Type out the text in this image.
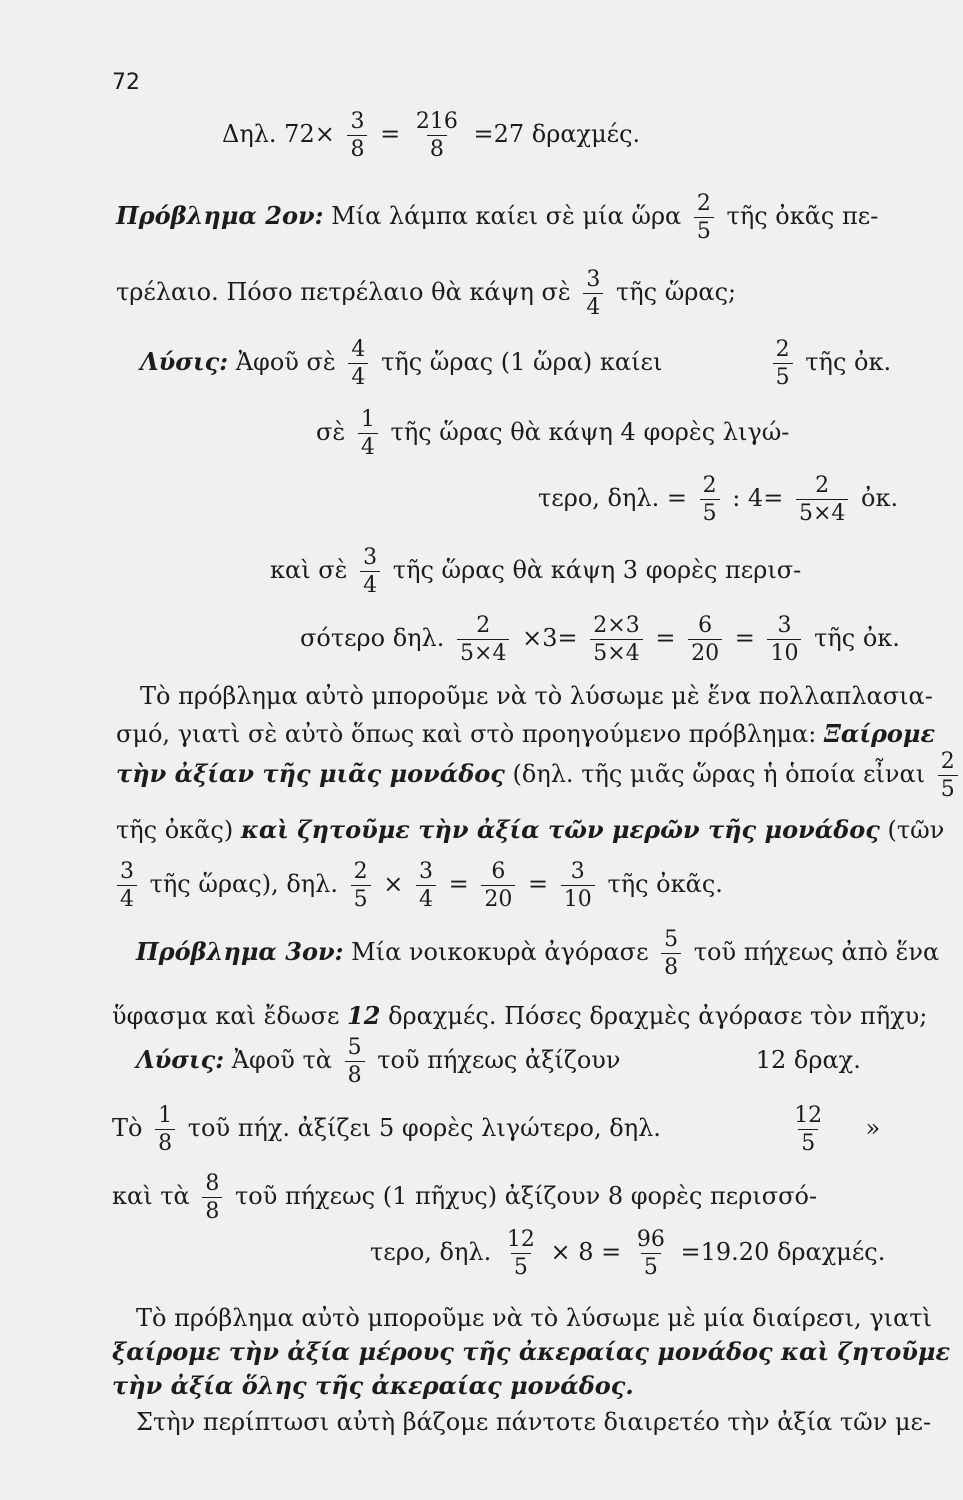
72
Δηλ. $72\times \frac{3}{8} = \frac{216}{8} =27$ δραχμές.
Πρόβλημα 2ον: Μία λάμπα καίει σὲ μία ὥρα $\frac{2}{5}$ τῆς ὀκᾶς πε-
τρέλαιο. Πόσο πετρέλαιο θὰ κάψη σὲ $\frac{3}{4}$ τῆς ὥρας;
Λύσις: Ἀφοῦ σὲ $\frac{4}{4}$ τῆς ὥρας (1 ὥρα) καίει	$\frac{2}{5}$ τῆς ὀκ.
σὲ $\frac{1}{4}$ τῆς ὥρας θὰ κάψη 4 φορὲς λιγώ-
τερο, δηλ. = $\frac{2}{5}$ : $4= \frac{2}{5\times 4}$ ὀκ.
καὶ σὲ $\frac{3}{4}$ τῆς ὥρας θὰ κάψη 3 φορὲς περισ-
σότερο δηλ. $\frac{2}{5\times 4} \times 3= \frac{2\times 3}{5\times 4} = \frac{6}{20} = \frac{3}{10}$ τῆς ὀκ.
Τὸ πρόβλημα αὐτὸ μποροῦμε νὰ τὸ λύσωμε μὲ ἕνα πολλαπλασια-
σμό, γιατὶ σὲ αὐτὸ ὅπως καὶ στὸ προηγούμενο πρόβλημα: Ξαίρομε
τὴν ἀξίαν τῆς μιᾶς μονάδος (δηλ. τῆς μιᾶς ὥρας ἡ ὁποία εἶναι $\frac{2}{5}$
τῆς ὀκᾶς) καὶ ζητοῦμε τὴν ἀξία τῶν μερῶν τῆς μονάδος (τῶν
$\frac{3}{4}$ τῆς ὥρας), δηλ. $\frac{2}{5} \times \frac{3}{4} = \frac{6}{20} = \frac{3}{10}$ τῆς ὀκᾶς.
Πρόβλημα 3ον: Μία νοικοκυρὰ ἀγόρασε $\frac{5}{8}$ τοῦ πήχεως ἀπὸ ἕνα
ὕφασμα καὶ ἔδωσε 12 δραχμές. Πόσες δραχμὲς ἀγόρασε τὸν πῆχυ;
Λύσις: Ἀφοῦ τὰ $\frac{5}{8}$ τοῦ πήχεως ἀξίζουν	12 δραχ.
Τὸ $\frac{1}{8}$ τοῦ πήχ. ἀξίζει 5 φορὲς λιγώτερο, δηλ.	$\frac{12}{5}$ »
καὶ τὰ $\frac{8}{8}$ τοῦ πήχεως (1 πῆχυς) ἀξίζουν 8 φορὲς περισσό-
τερο, δηλ. $\frac{12}{5} \times 8 = \frac{96}{5} =19.20$ δραχμές.
Τὸ πρόβλημα αὐτὸ μποροῦμε νὰ τὸ λύσωμε μὲ μία διαίρεσι, γιατὶ
ξαίρομε τὴν ἀξία μέρους τῆς ἀκεραίας μονάδος καὶ ζητοῦμε
τὴν ἀξία ὅλης τῆς ἀκεραίας μονάδος.
Στὴν περίπτωσι αὐτὴ βάζομε πάντοτε διαιρετέο τὴν ἀξία τῶν με-
